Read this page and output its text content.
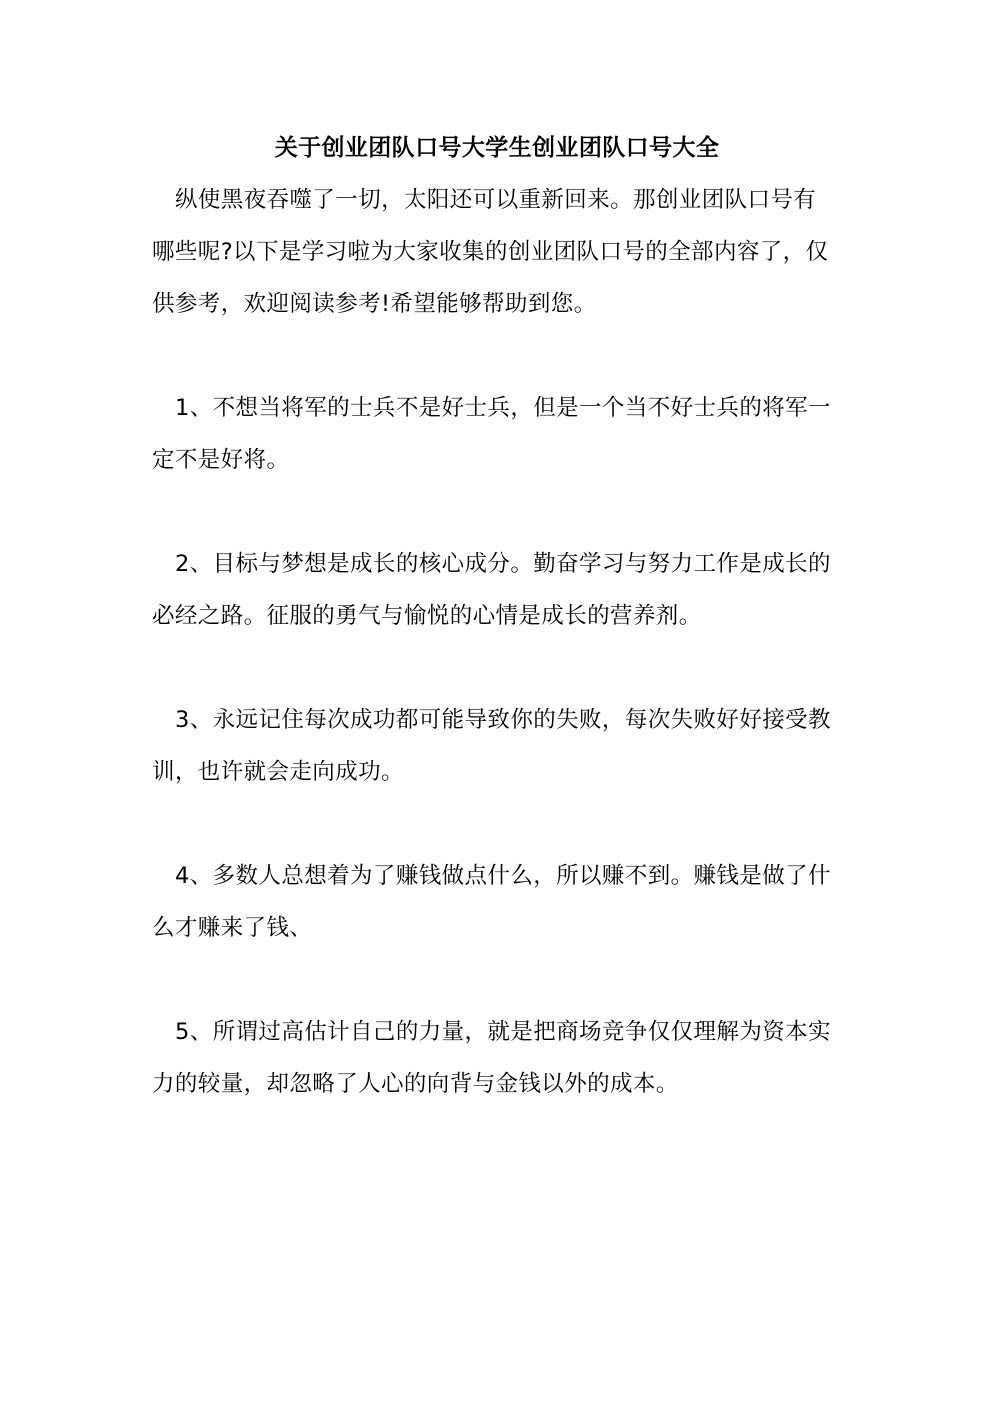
关于创业团队口号大学生创业团队口号大全
纵使黑夜吞噬了一切，太阳还可以重新回来。那创业团队口号有
哪些呢?以下是学习啦为大家收集的创业团队口号的全部内容了，仅
供参考，欢迎阅读参考!希望能够帮助到您。
1、不想当将军的士兵不是好士兵，但是一个当不好士兵的将军一
定不是好将。
2、目标与梦想是成长的核心成分。勤奋学习与努力工作是成长的
必经之路。征服的勇气与愉悦的心情是成长的营养剂。
3、永远记住每次成功都可能导致你的失败，每次失败好好接受教
训，也许就会走向成功。
4、多数人总想着为了赚钱做点什么，所以赚不到。赚钱是做了什
么才赚来了钱、
5、所谓过高估计自己的力量，就是把商场竞争仅仅理解为资本实
力的较量，却忽略了人心的向背与金钱以外的成本。
